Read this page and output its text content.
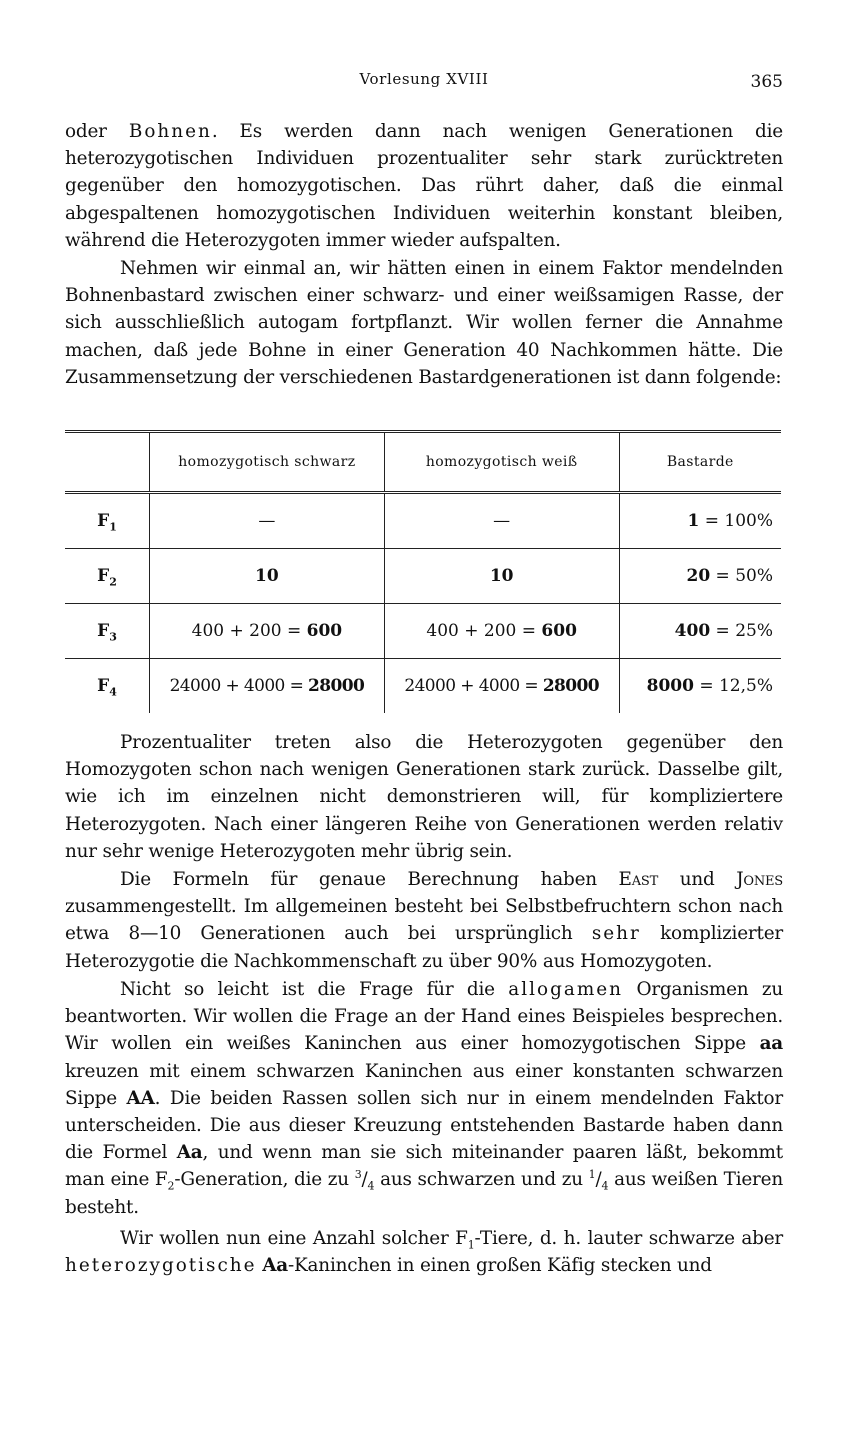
Vorlesung XVIII	365

oder Bohnen. Es werden dann nach wenigen Generationen die heterozygotischen Individuen prozentualiter sehr stark zurücktreten gegenüber den homozygotischen. Das rührt daher, daß die einmal abgespaltenen homozygotischen Individuen weiterhin konstant bleiben, während die Heterozygoten immer wieder aufspalten.

Nehmen wir einmal an, wir hätten einen in einem Faktor mendelnden Bohnenbastard zwischen einer schwarz- und einer weißsamigen Rasse, der sich ausschließlich autogam fortpflanzt. Wir wollen ferner die Annahme machen, daß jede Bohne in einer Generation 40 Nachkommen hätte. Die Zusammensetzung der verschiedenen Bastardgenerationen ist dann folgende:

	homozygotisch schwarz	homozygotisch weiß	Bastarde
$F_1$	—	—	1 = 100%
$F_2$	10	10	20 = 50%
$F_3$	400 + 200 = 600	400 + 200 = 600	400 = 25%
$F_4$	24000 + 4000 = 28000	24000 + 4000 = 28000	8000 = 12,5%

Prozentualiter treten also die Heterozygoten gegenüber den Homozygoten schon nach wenigen Generationen stark zurück. Dasselbe gilt, wie ich im einzelnen nicht demonstrieren will, für kompliziertere Heterozygoten. Nach einer längeren Reihe von Generationen werden relativ nur sehr wenige Heterozygoten mehr übrig sein.

Die Formeln für genaue Berechnung haben East und Jones zusammengestellt. Im allgemeinen besteht bei Selbstbefruchtern schon nach etwa 8—10 Generationen auch bei ursprünglich sehr komplizierter Heterozygotie die Nachkommenschaft zu über 90% aus Homozygoten.

Nicht so leicht ist die Frage für die allogamen Organismen zu beantworten. Wir wollen die Frage an der Hand eines Beispieles besprechen. Wir wollen ein weißes Kaninchen aus einer homozygotischen Sippe aa kreuzen mit einem schwarzen Kaninchen aus einer konstanten schwarzen Sippe AA. Die beiden Rassen sollen sich nur in einem mendelnden Faktor unterscheiden. Die aus dieser Kreuzung entstehenden Bastarde haben dann die Formel Aa, und wenn man sie sich miteinander paaren läßt, bekommt man eine $F_2$-Generation, die zu $^3/_4$ aus schwarzen und zu $^1/_4$ aus weißen Tieren besteht.

Wir wollen nun eine Anzahl solcher $F_1$-Tiere, d. h. lauter schwarze aber heterozygotische Aa-Kaninchen in einen großen Käfig stecken und
